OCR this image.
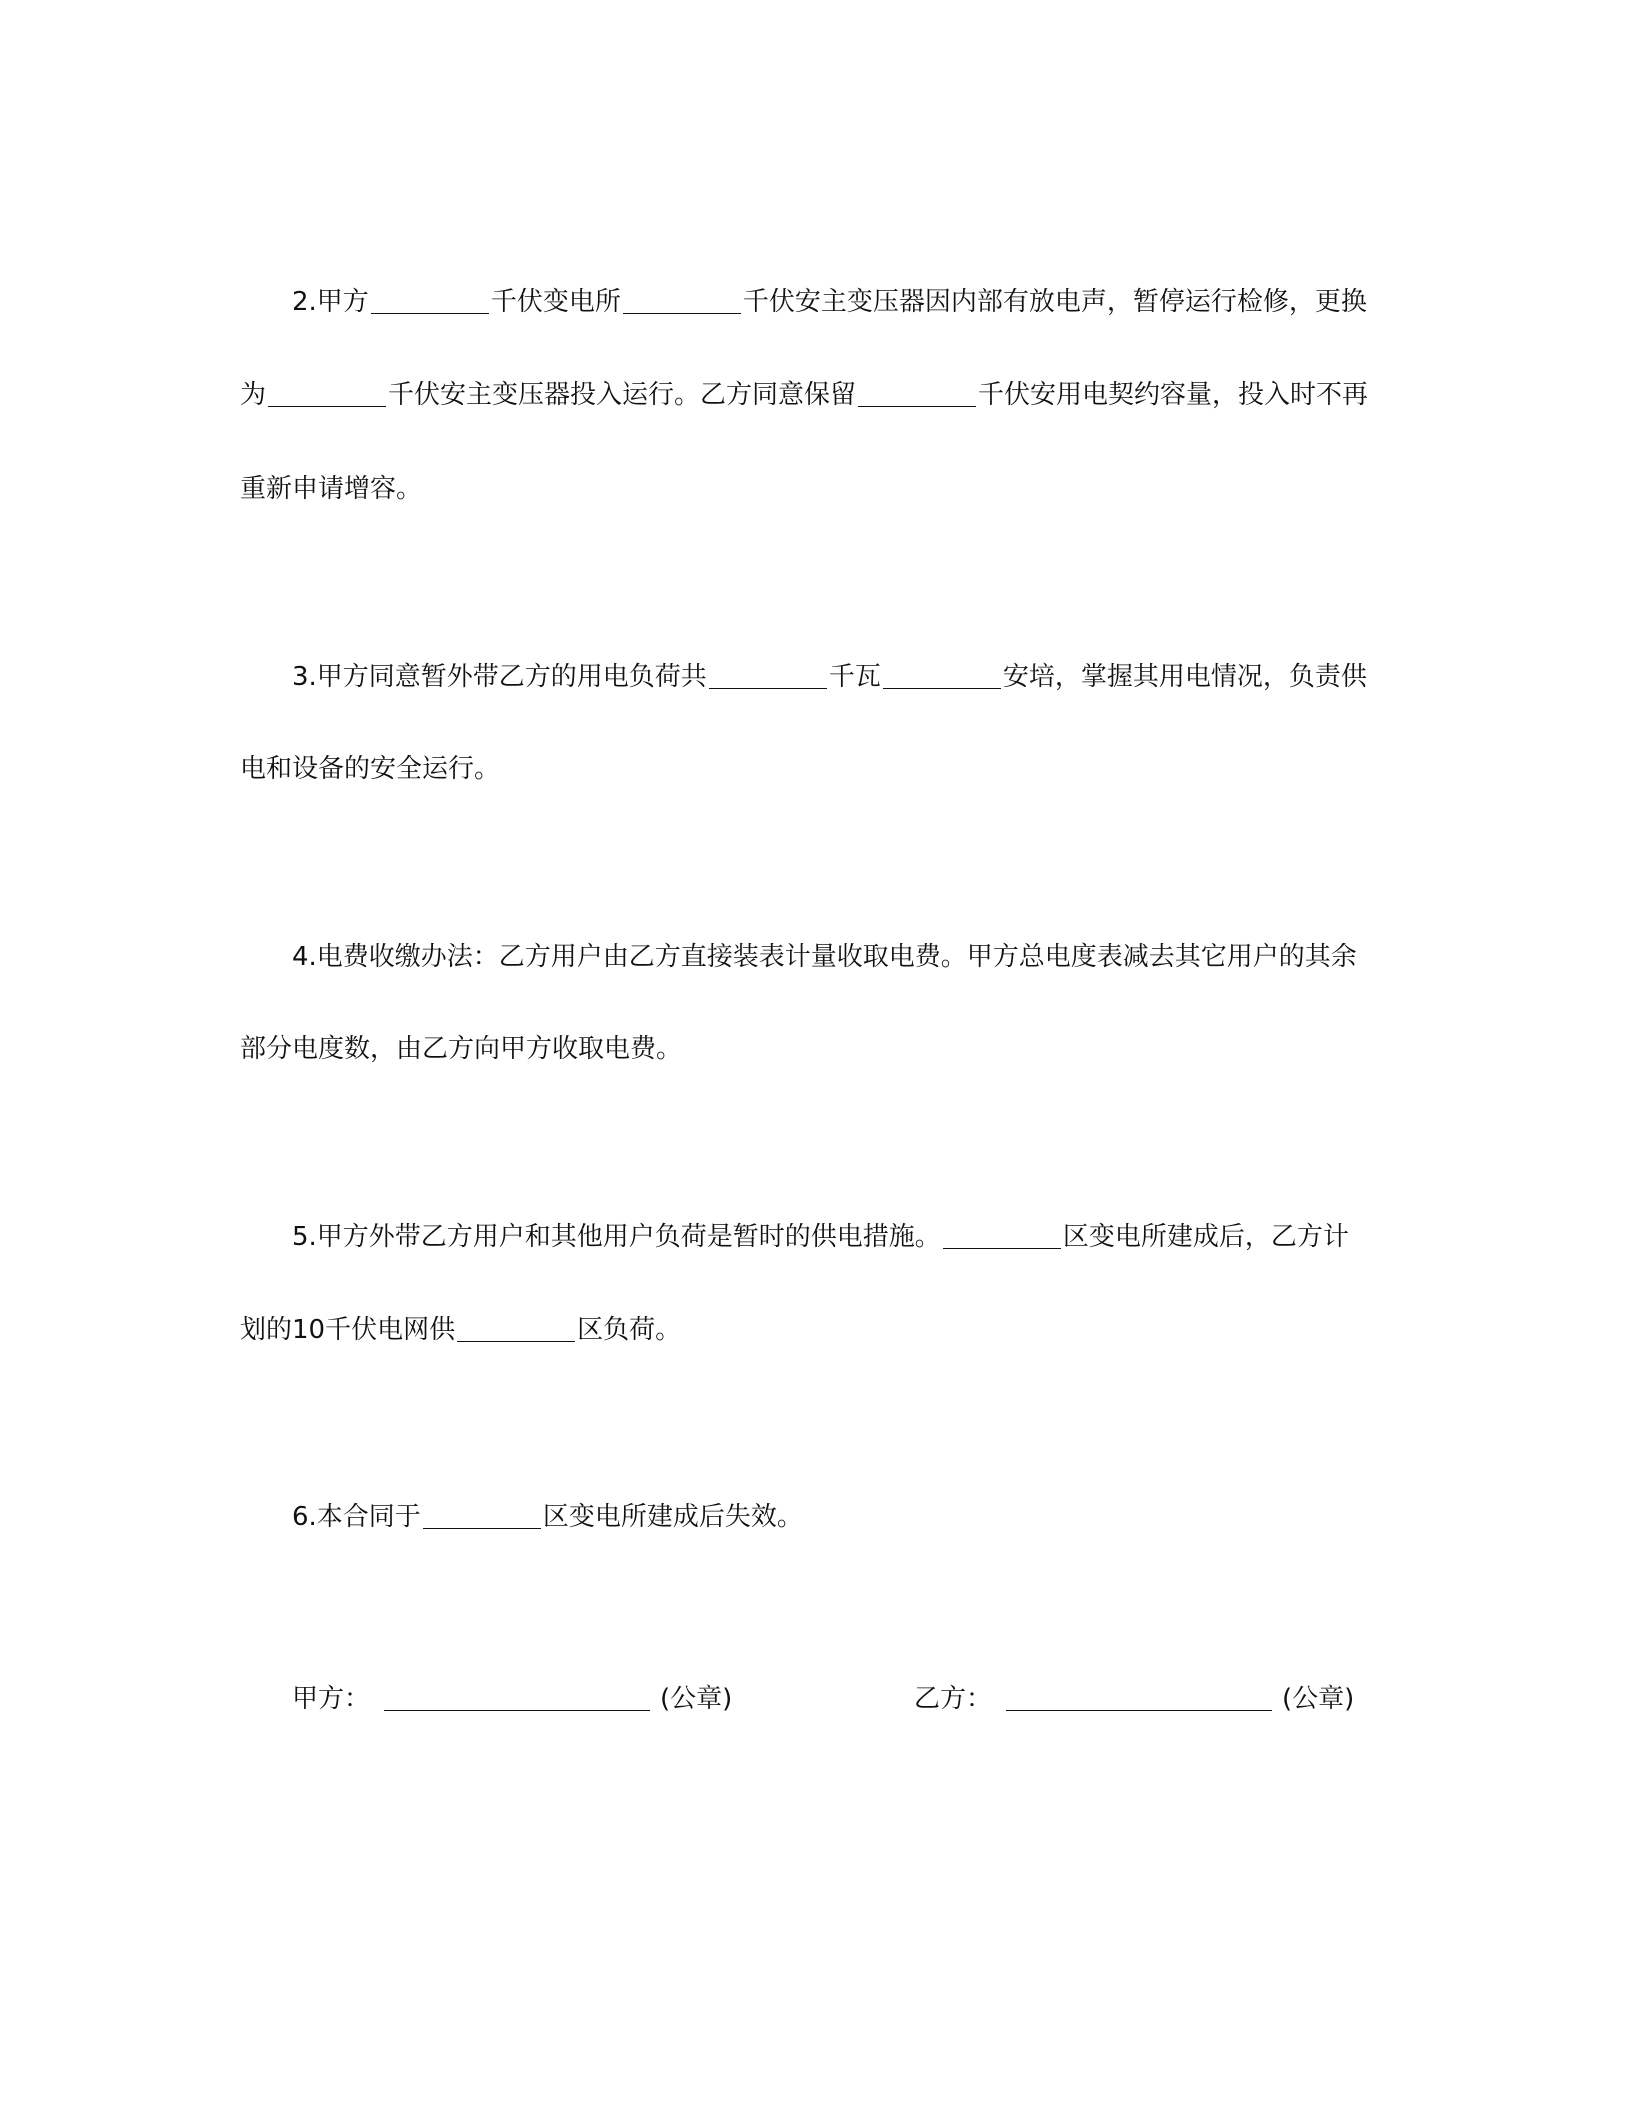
2.甲方	千伏变电所	千伏安主变压器因内部有放电声，暂停运行检修，更换
为	千伏安主变压器投入运行。乙方同意保留	千伏安用电契约容量，投入时不再
重新申请增容。
3.甲方同意暂外带乙方的用电负荷共	千瓦	安培，掌握其用电情况，负责供
电和设备的安全运行。
4.电费收缴办法：乙方用户由乙方直接装表计量收取电费。甲方总电度表减去其它用户的其余
部分电度数，由乙方向甲方收取电费。
5.甲方外带乙方用户和其他用户负荷是暂时的供电措施。	区变电所建成后，乙方计
划的10千伏电网供	区负荷。
6.本合同于	区变电所建成后失效。
甲方：	(公章)	乙方：	(公章)
